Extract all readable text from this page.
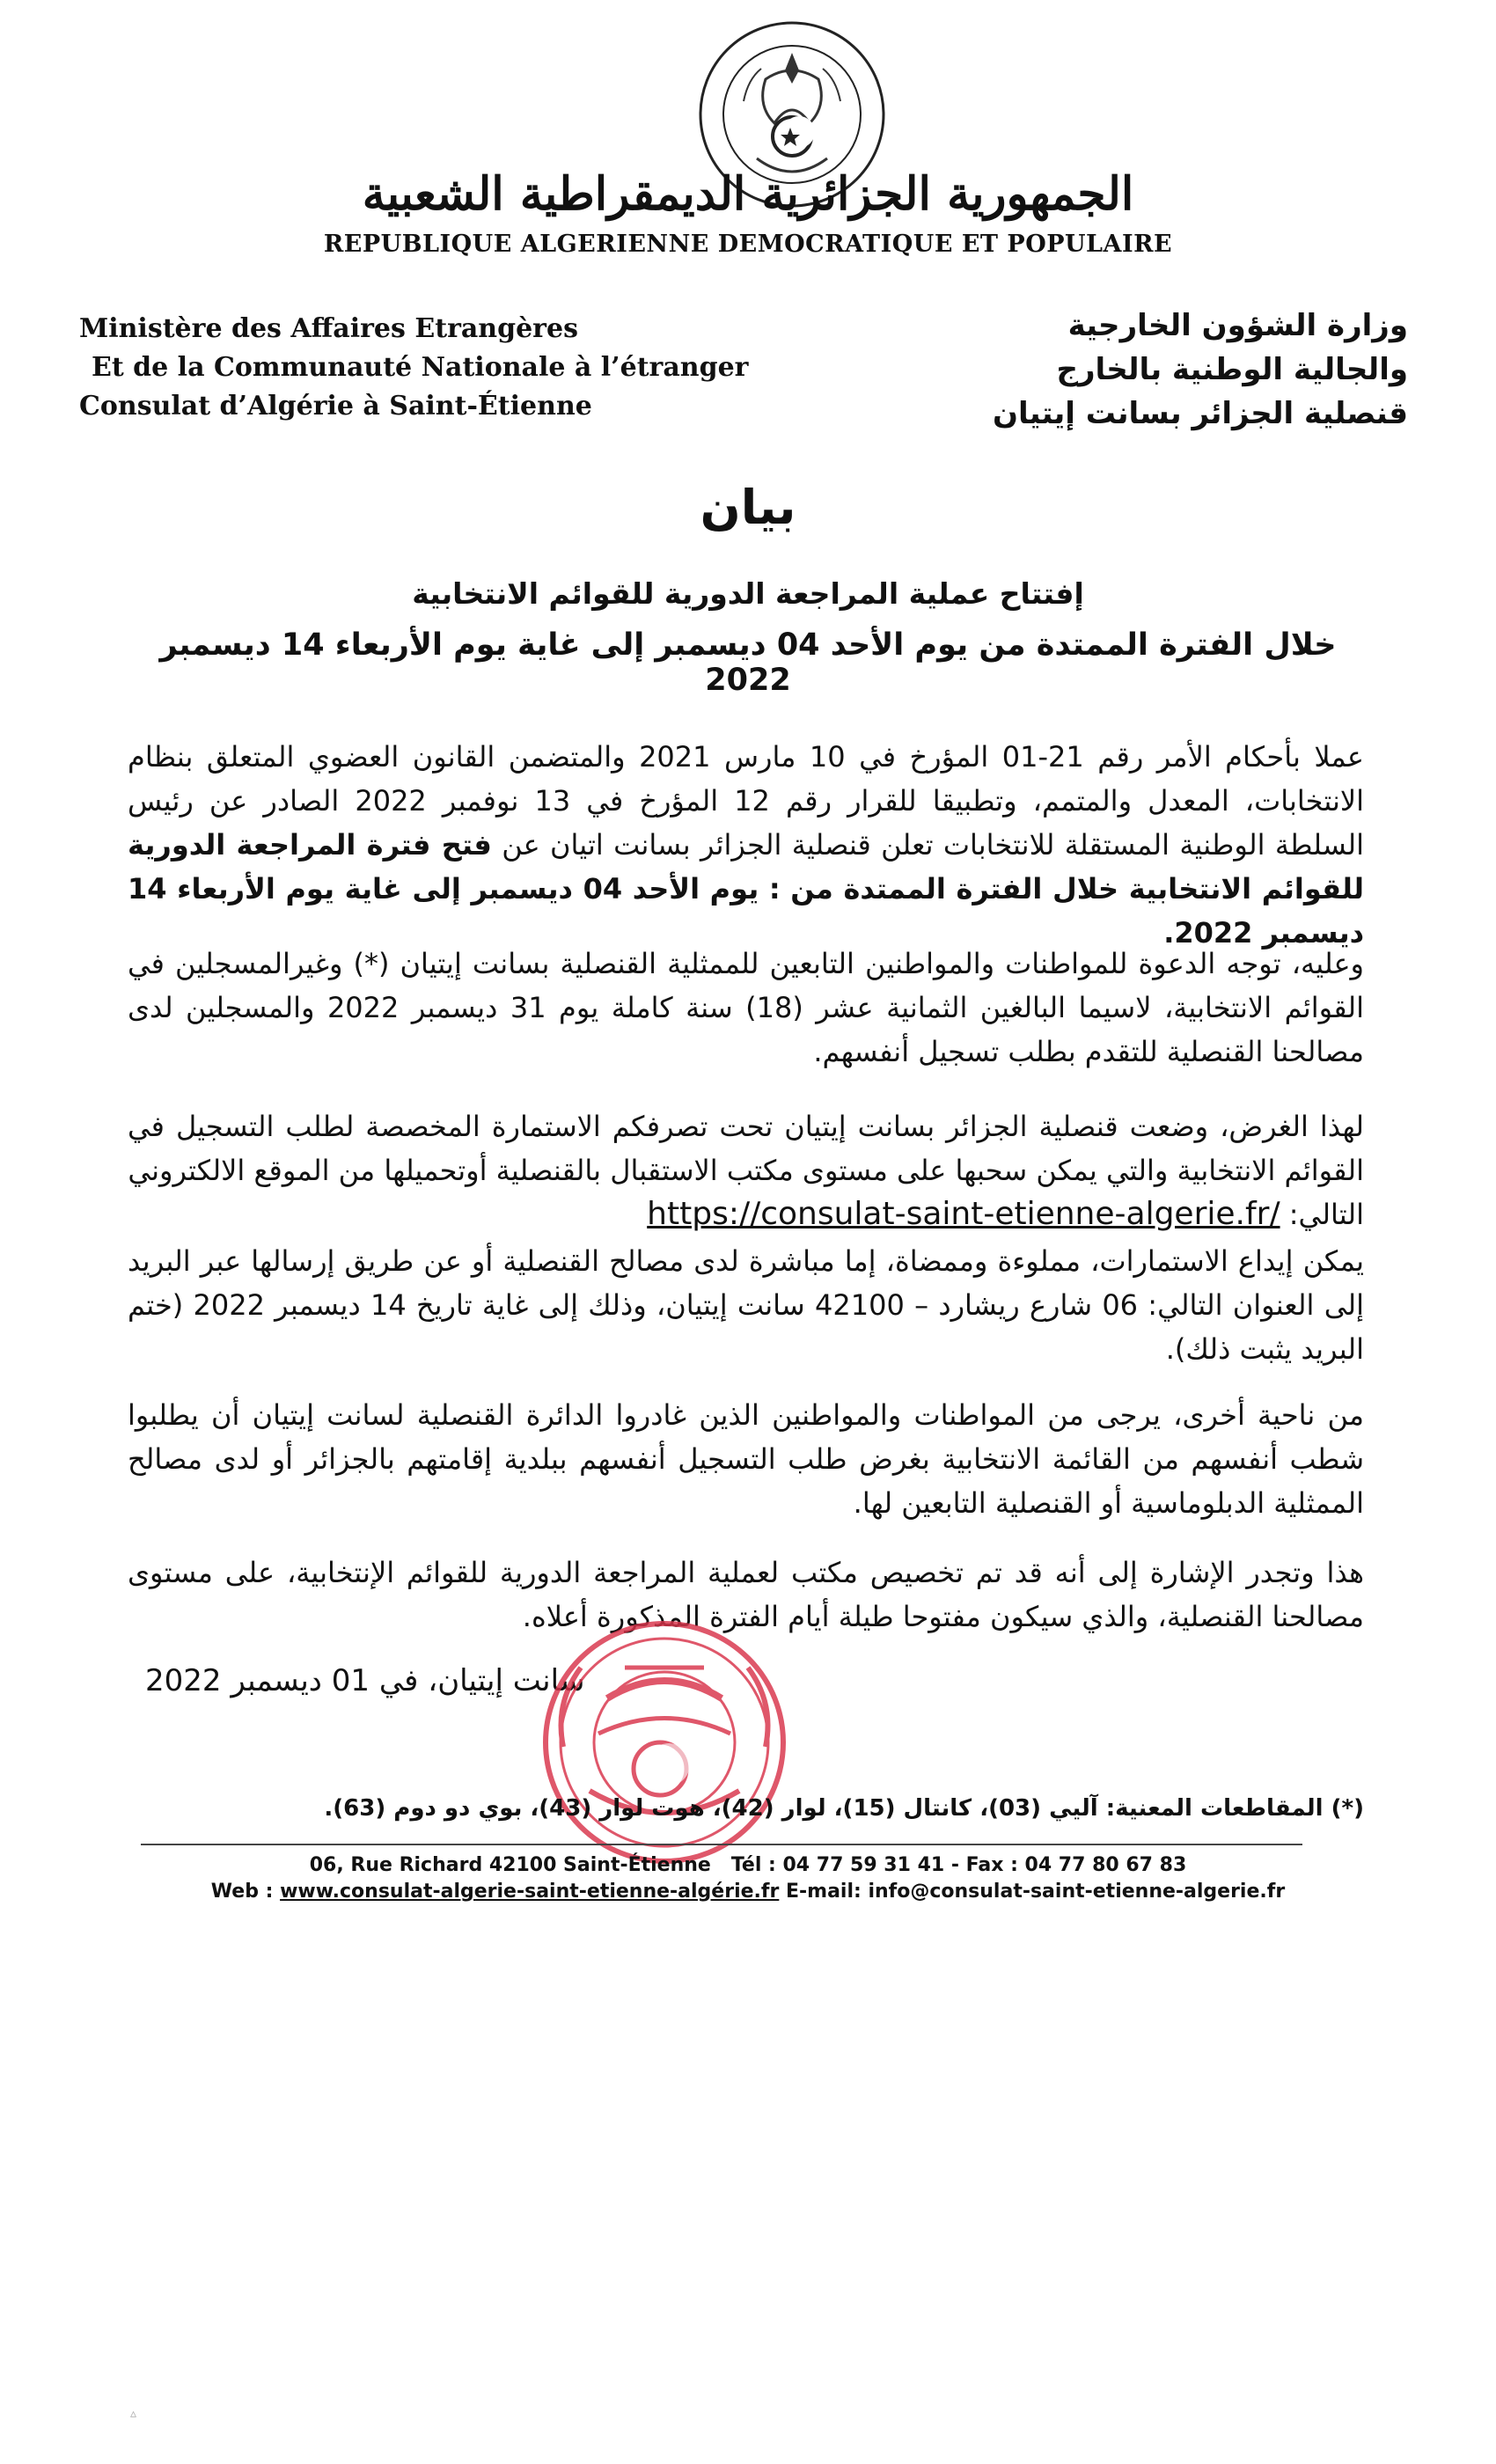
الجمهورية الجزائرية الديمقراطية الشعبية
REPUBLIQUE ALGERIENNE DEMOCRATIQUE ET POPULAIRE
Ministère des Affaires Etrangères
Et de la Communauté Nationale à l’étranger
Consulat d’Algérie à Saint-Étienne
وزارة الشؤون الخارجية
والجالية الوطنية بالخارج
قنصلية الجزائر بسانت إيتيان
بيان
إفتتاح عملية المراجعة الدورية للقوائم الانتخابية
خلال الفترة الممتدة من يوم الأحد 04 ديسمبر إلى غاية يوم الأربعاء 14 ديسمبر 2022
عملا بأحكام الأمر رقم 21-01 المؤرخ في 10 مارس 2021 والمتضمن القانون العضوي المتعلق بنظام الانتخابات، المعدل والمتمم، وتطبيقا للقرار رقم 12 المؤرخ في 13 نوفمبر 2022 الصادر عن رئيس السلطة الوطنية المستقلة للانتخابات تعلن قنصلية الجزائر بسانت اتيان عن فتح فترة المراجعة الدورية للقوائم الانتخابية خلال الفترة الممتدة من : يوم الأحد 04 ديسمبر إلى غاية يوم الأربعاء 14 ديسمبر 2022.
وعليه، توجه الدعوة للمواطنات والمواطنين التابعين للممثلية القنصلية بسانت إيتيان (*) وغيرالمسجلين في القوائم الانتخابية، لاسيما البالغين الثمانية عشر (18) سنة كاملة يوم 31 ديسمبر 2022 والمسجلين لدى مصالحنا القنصلية للتقدم بطلب تسجيل أنفسهم.
لهذا الغرض، وضعت قنصلية الجزائر بسانت إيتيان تحت تصرفكم الاستمارة المخصصة لطلب التسجيل في القوائم الانتخابية والتي يمكن سحبها على مستوى مكتب الاستقبال بالقنصلية أوتحميلها من الموقع الالكتروني
التالي: https://consulat-saint-etienne-algerie.fr/
يمكن إيداع الاستمارات، مملوءة وممضاة، إما مباشرة لدى مصالح القنصلية أو عن طريق إرسالها عبر البريد إلى العنوان التالي: 06 شارع ريشارد – 42100 سانت إيتيان، وذلك إلى غاية تاريخ 14 ديسمبر 2022 (ختم البريد يثبت ذلك).
من ناحية أخرى، يرجى من المواطنات والمواطنين الذين غادروا الدائرة القنصلية لسانت إيتيان أن يطلبوا شطب أنفسهم من القائمة الانتخابية بغرض طلب التسجيل أنفسهم ببلدية إقامتهم بالجزائر أو لدى مصالح الممثلية الدبلوماسية أو القنصلية التابعين لها.
هذا وتجدر الإشارة إلى أنه قد تم تخصيص مكتب لعملية المراجعة الدورية للقوائم الإنتخابية، على مستوى مصالحنا القنصلية، والذي سيكون مفتوحا طيلة أيام الفترة المذكورة أعلاه.
سانت إيتيان، في 01 ديسمبر 2022
(*) المقاطعات المعنية: آليي (03)، كانتال (15)، لوار (42)، هوت لوار (43)، بوي دو دوم (63).
06, Rue Richard 42100 Saint-Étienne   Tél : 04 77 59 31 41 - Fax : 04 77 80 67 83
Web : www.consulat-algerie-saint-etienne-algérie.fr E-mail: info@consulat-saint-etienne-algerie.fr
▵
